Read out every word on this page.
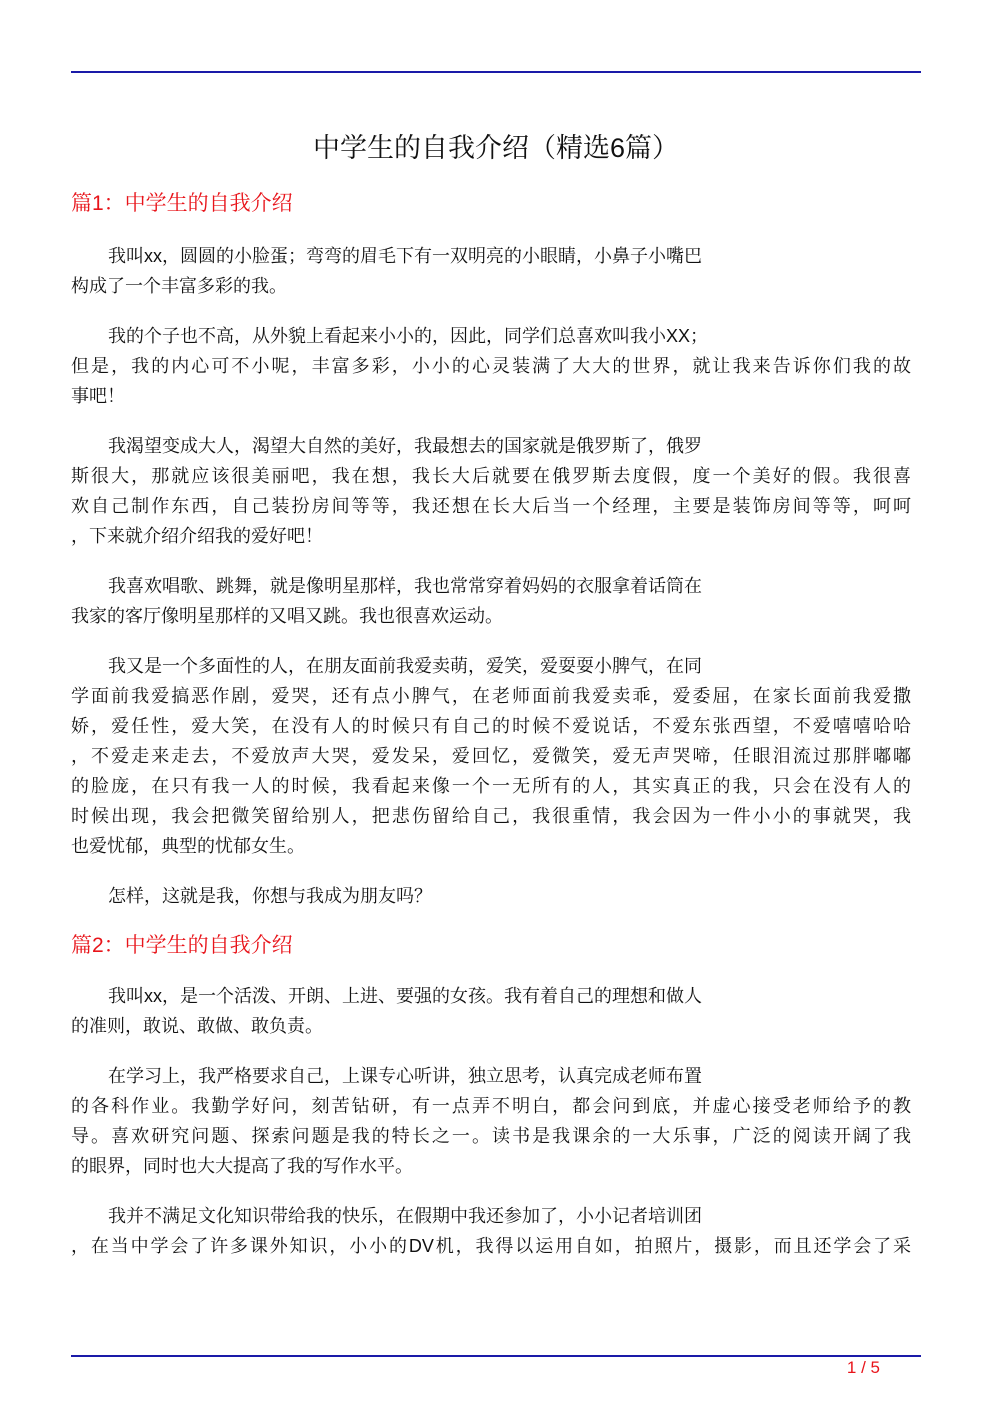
中学生的自我介绍（精选6篇）
篇1：中学生的自我介绍
我叫xx，圆圆的小脸蛋；弯弯的眉毛下有一双明亮的小眼睛，小鼻子小嘴巴
构成了一个丰富多彩的我。
我的个子也不高，从外貌上看起来小小的，因此，同学们总喜欢叫我小XX；
但是，我的内心可不小呢，丰富多彩，小小的心灵装满了大大的世界，就让我来告诉你们我的故
事吧！
我渴望变成大人，渴望大自然的美好，我最想去的国家就是俄罗斯了，俄罗
斯很大，那就应该很美丽吧，我在想，我长大后就要在俄罗斯去度假，度一个美好的假。我很喜
欢自己制作东西，自己装扮房间等等，我还想在长大后当一个经理，主要是装饰房间等等，呵呵
，下来就介绍介绍我的爱好吧！
我喜欢唱歌、跳舞，就是像明星那样，我也常常穿着妈妈的衣服拿着话筒在
我家的客厅像明星那样的又唱又跳。我也很喜欢运动。
我又是一个多面性的人，在朋友面前我爱卖萌，爱笑，爱耍耍小脾气，在同
学面前我爱搞恶作剧，爱哭，还有点小脾气，在老师面前我爱卖乖，爱委屈，在家长面前我爱撒
娇，爱任性，爱大笑，在没有人的时候只有自己的时候不爱说话，不爱东张西望，不爱嘻嘻哈哈
，不爱走来走去，不爱放声大哭，爱发呆，爱回忆，爱微笑，爱无声哭啼，任眼泪流过那胖嘟嘟
的脸庞，在只有我一人的时候，我看起来像一个一无所有的人，其实真正的我，只会在没有人的
时候出现，我会把微笑留给别人，把悲伤留给自己，我很重情，我会因为一件小小的事就哭，我
也爱忧郁，典型的忧郁女生。
怎样，这就是我，你想与我成为朋友吗？
篇2：中学生的自我介绍
我叫xx，是一个活泼、开朗、上进、要强的女孩。我有着自己的理想和做人
的准则，敢说、敢做、敢负责。
在学习上，我严格要求自己，上课专心听讲，独立思考，认真完成老师布置
的各科作业。我勤学好问，刻苦钻研，有一点弄不明白，都会问到底，并虚心接受老师给予的教
导。喜欢研究问题、探索问题是我的特长之一。读书是我课余的一大乐事，广泛的阅读开阔了我
的眼界，同时也大大提高了我的写作水平。
我并不满足文化知识带给我的快乐，在假期中我还参加了，小小记者培训团
，在当中学会了许多课外知识，小小的DV机，我得以运用自如，拍照片，摄影，而且还学会了采
1 / 5
